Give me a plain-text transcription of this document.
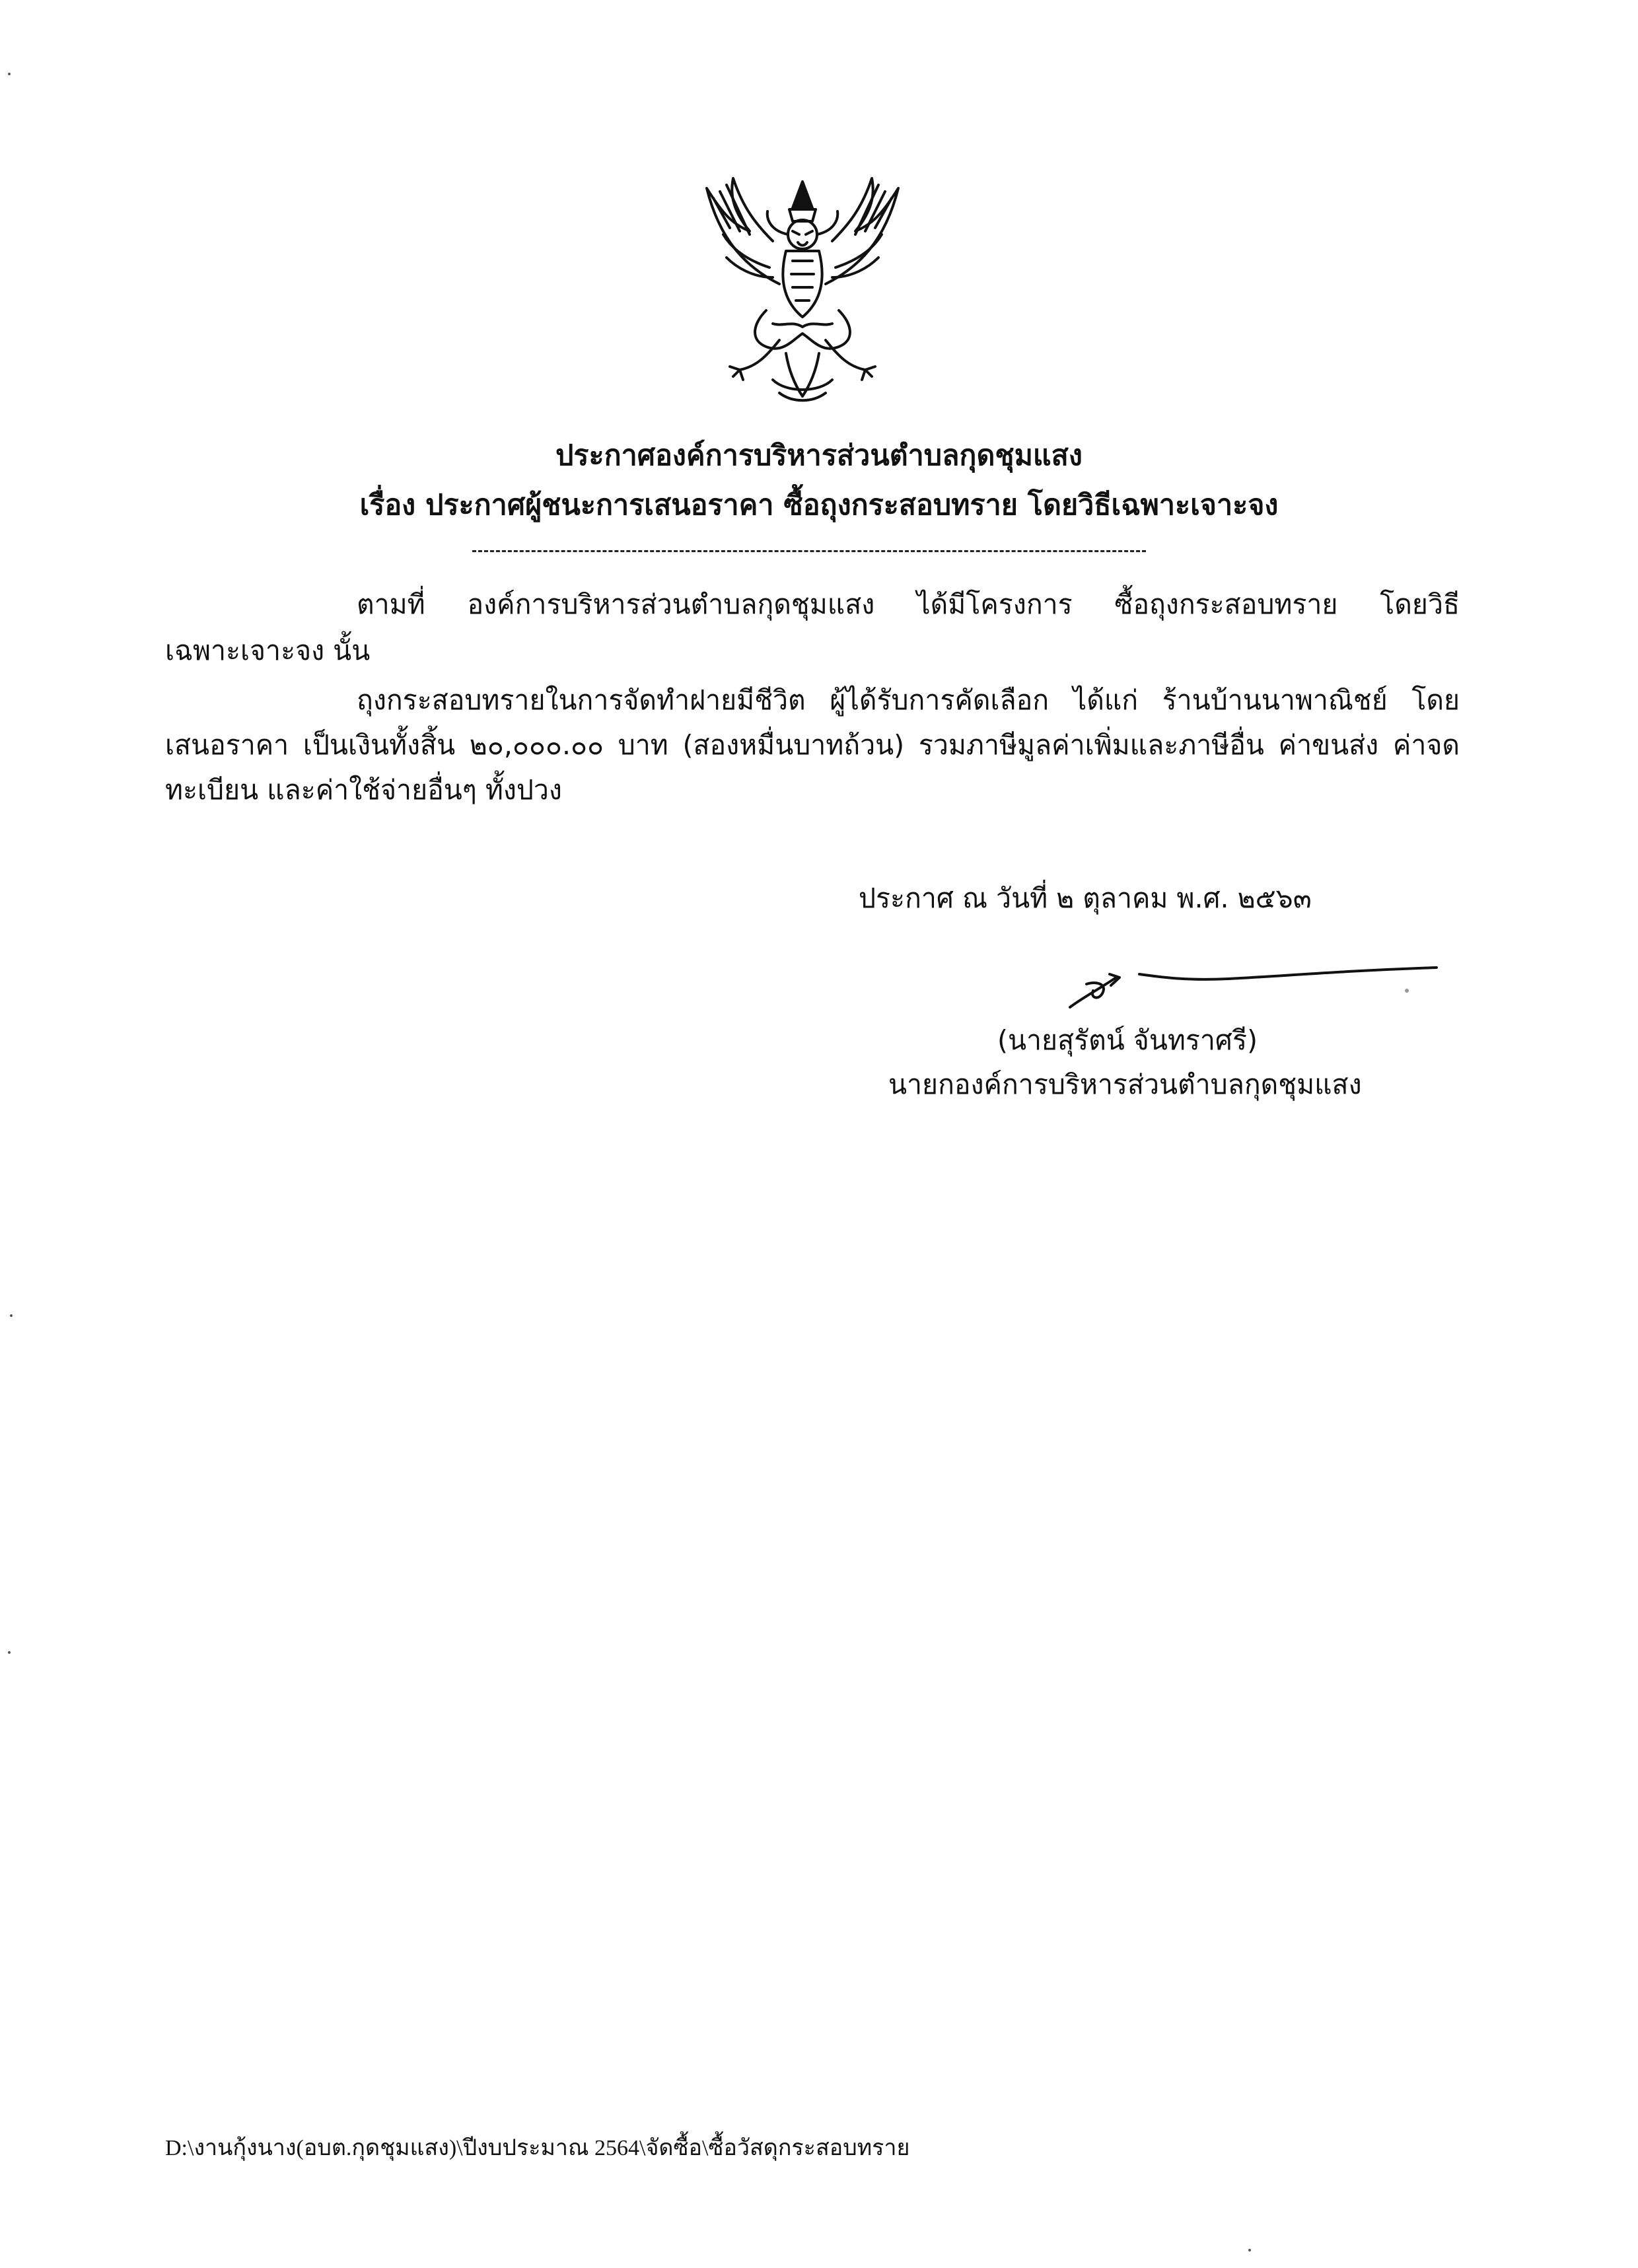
ประกาศองค์การบริหารส่วนตำบลกุดชุมแสง
เรื่อง ประกาศผู้ชนะการเสนอราคา ซื้อถุงกระสอบทราย โดยวิธีเฉพาะเจาะจง
ตามที่ องค์การบริหารส่วนตำบลกุดชุมแสง ได้มีโครงการ ซื้อถุงกระสอบทราย โดยวิธี
เฉพาะเจาะจง นั้น
ถุงกระสอบทรายในการจัดทำฝายมีชีวิต ผู้ได้รับการคัดเลือก ได้แก่ ร้านบ้านนาพาณิชย์ โดย
เสนอราคา เป็นเงินทั้งสิ้น ๒๐,๐๐๐.๐๐ บาท (สองหมื่นบาทถ้วน) รวมภาษีมูลค่าเพิ่มและภาษีอื่น ค่าขนส่ง ค่าจด
ทะเบียน และค่าใช้จ่ายอื่นๆ ทั้งปวง
ประกาศ ณ วันที่ ๒ ตุลาคม พ.ศ. ๒๕๖๓
(นายสุรัตน์ จันทราศรี)
นายกองค์การบริหารส่วนตำบลกุดชุมแสง
D:\งานกุ้งนาง(อบต.กุดชุมแสง)\ปีงบประมาณ 2564\จัดซื้อ\ซื้อวัสดุกระสอบทราย
